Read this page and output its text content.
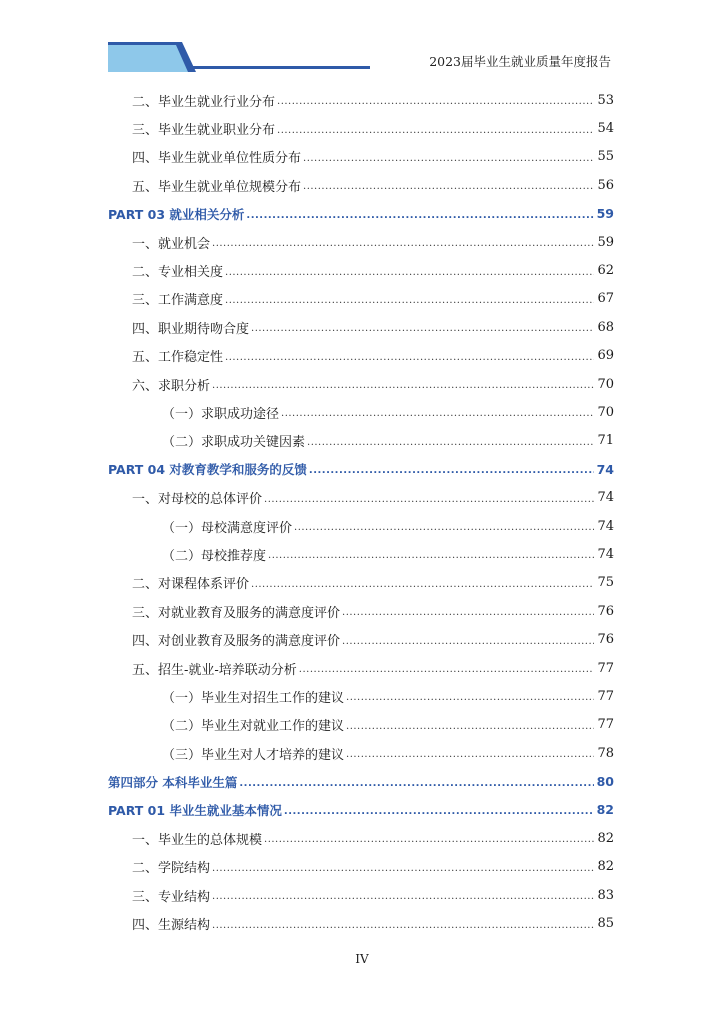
2023届毕业生就业质量年度报告
二、毕业生就业行业分布 .....	53
三、毕业生就业职业分布 .....	54
四、毕业生就业单位性质分布 .....	55
五、毕业生就业单位规模分布 .....	56
PART 03 就业相关分析 .....	59
一、就业机会 .....	59
二、专业相关度 .....	62
三、工作满意度 .....	67
四、职业期待吻合度 .....	68
五、工作稳定性 .....	69
六、求职分析 .....	70
（一）求职成功途径 .....	70
（二）求职成功关键因素 .....	71
PART 04 对教育教学和服务的反馈 .....	74
一、对母校的总体评价 .....	74
（一）母校满意度评价 .....	74
（二）母校推荐度 .....	74
二、对课程体系评价 .....	75
三、对就业教育及服务的满意度评价 .....	76
四、对创业教育及服务的满意度评价 .....	76
五、招生-就业-培养联动分析 .....	77
（一）毕业生对招生工作的建议 .....	77
（二）毕业生对就业工作的建议 .....	77
（三）毕业生对人才培养的建议 .....	78
第四部分 本科毕业生篇 .....	80
PART 01 毕业生就业基本情况 .....	82
一、毕业生的总体规模 .....	82
二、学院结构 .....	82
三、专业结构 .....	83
四、生源结构 .....	85
IV
